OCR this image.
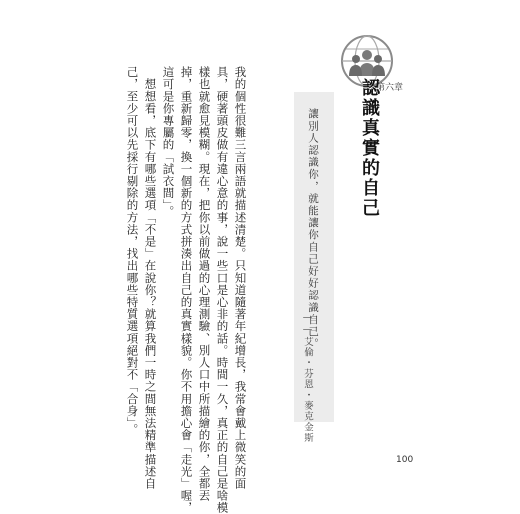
第六章
認識真實的自己
讓別人認識你，就能讓你自己好好認識自己。
——艾倫・芬恩・麥克金斯
我的個性很難三言兩語就描述清楚。只知道隨著年紀增長，我常會戴上微笑的面
具，硬著頭皮做有違心意的事，說一些口是心非的話。時間一久，真正的自己是啥模
樣也就愈見模糊。現在，把你以前做過的心理測驗、別人口中所描繪的你，全都丟
掉，重新歸零，換一個新的方式拼湊出自己的真實樣貌。你不用擔心會「走光」喔，
這可是你專屬的「試衣間」。
　想想看，底下有哪些選項「不是」在說你？就算我們一時之間無法精準描述自
己，至少可以先採行剔除的方法，找出哪些特質選項絕對不「合身」。
100
